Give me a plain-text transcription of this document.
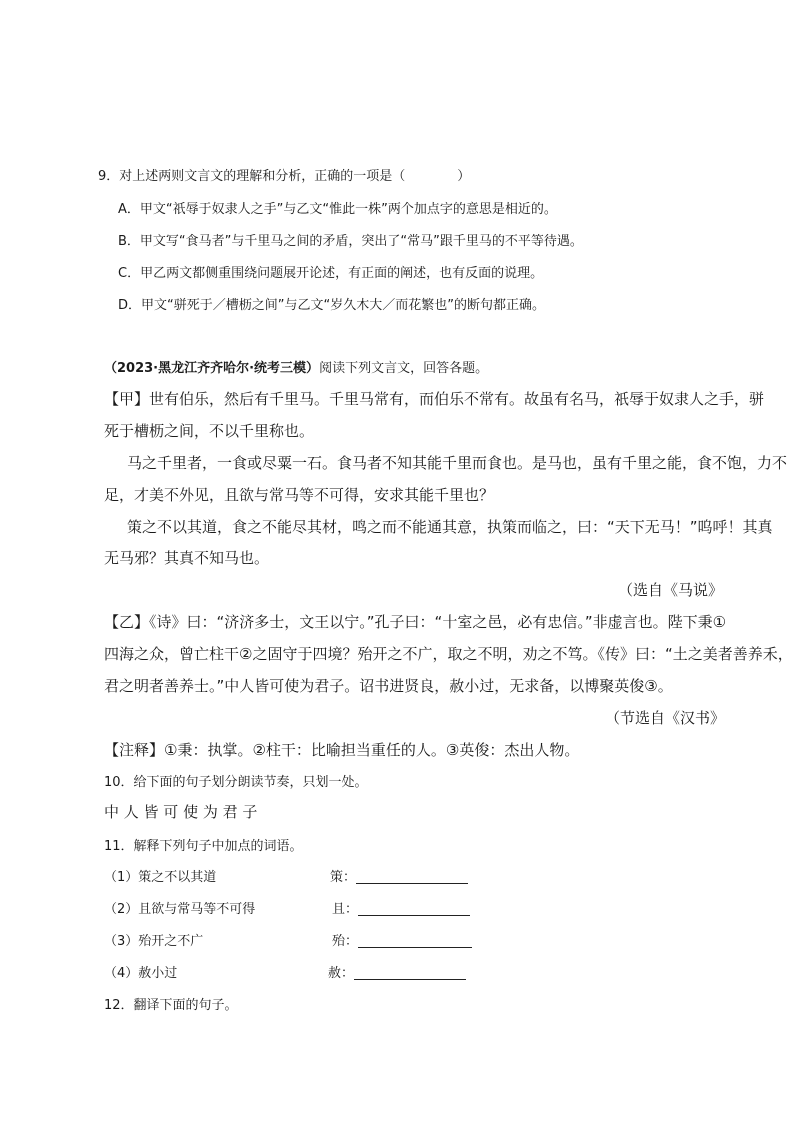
9．对上述两则文言文的理解和分析，正确的一项是（　　　　）
A．甲文“祇辱于奴隶人之手”与乙文“惟此一株”两个加点字的意思是相近的。
B．甲文写“食马者”与千里马之间的矛盾，突出了“常马”跟千里马的不平等待遇。
C．甲乙两文都侧重围绕问题展开论述，有正面的阐述，也有反面的说理。
D．甲文“骈死于／槽枥之间”与乙文“岁久木大／而花繁也”的断句都正确。
（2023·黑龙江齐齐哈尔·统考三模）阅读下列文言文，回答各题。
【甲】世有伯乐，然后有千里马。千里马常有，而伯乐不常有。故虽有名马，祇辱于奴隶人之手，骈
死于槽枥之间，不以千里称也。
马之千里者，一食或尽粟一石。食马者不知其能千里而食也。是马也，虽有千里之能，食不饱，力不
足，才美不外见，且欲与常马等不可得，安求其能千里也？
策之不以其道，食之不能尽其材，鸣之而不能通其意，执策而临之，曰：“天下无马！”呜呼！其真
无马邪？其真不知马也。
（选自《马说》
【乙】《诗》曰：“济济多士，文王以宁。”孔子曰：“十室之邑，必有忠信。”非虚言也。陛下秉①
四海之众，曾亡柱干②之固守于四境？殆开之不广，取之不明，劝之不笃。《传》曰：“土之美者善养禾，
君之明者善养士。”中人皆可使为君子。诏书进贤良，赦小过，无求备，以博聚英俊③。
（节选自《汉书》
【注释】①秉：执掌。②柱干：比喻担当重任的人。③英俊：杰出人物。
10．给下面的句子划分朗读节奏，只划一处。
中 人 皆 可 使 为 君 子
11．解释下列句子中加点的词语。
（1）策之不以其道	策：
（2）且欲与常马等不可得	且：
（3）殆开之不广	殆：
（4）赦小过	赦：
12．翻译下面的句子。
